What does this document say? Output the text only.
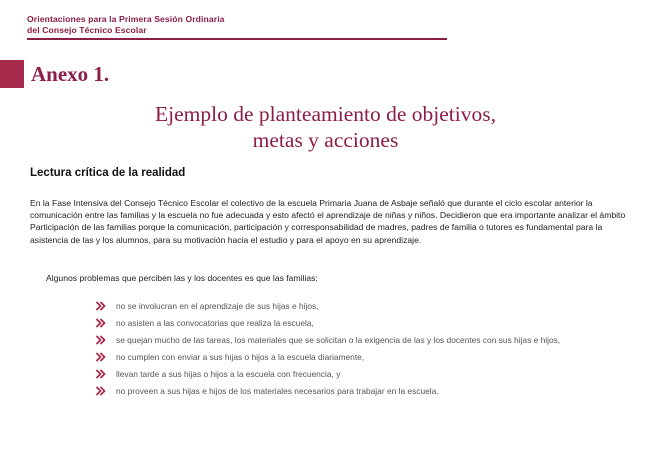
Orientaciones para la Primera Sesión Ordinaria
del Consejo Técnico Escolar
Anexo 1.
Ejemplo de planteamiento de objetivos,
metas y acciones
Lectura crítica de la realidad
En la Fase Intensiva del Consejo Técnico Escolar el colectivo de la escuela Primaria Juana de Asbaje señaló que durante el ciclo escolar anterior la comunicación entre las familias y la escuela no fue adecuada y esto afectó el aprendizaje de niñas y niños. Decidieron que era importante analizar el ámbito Participación de las familias porque la comunicación, participación y corresponsabilidad de madres, padres de familia o tutores es fundamental para la asistencia de las y los alumnos, para su motivación hacia el estudio y para el apoyo en su aprendizaje.
Algunos problemas que perciben las y los docentes es que las familias:
no se involucran en el aprendizaje de sus hijas e hijos,
no asisten a las convocatorias que realiza la escuela,
se quejan mucho de las tareas, los materiales que se solicitan o la exigencia de las y los docentes con sus hijas e hijos,
no cumplen con enviar a sus hijas o hijos a la escuela diariamente,
llevan tarde a sus hijas o hijos a la escuela con frecuencia, y
no proveen a sus hijas e hijos de los materiales necesarios para trabajar en la escuela.
